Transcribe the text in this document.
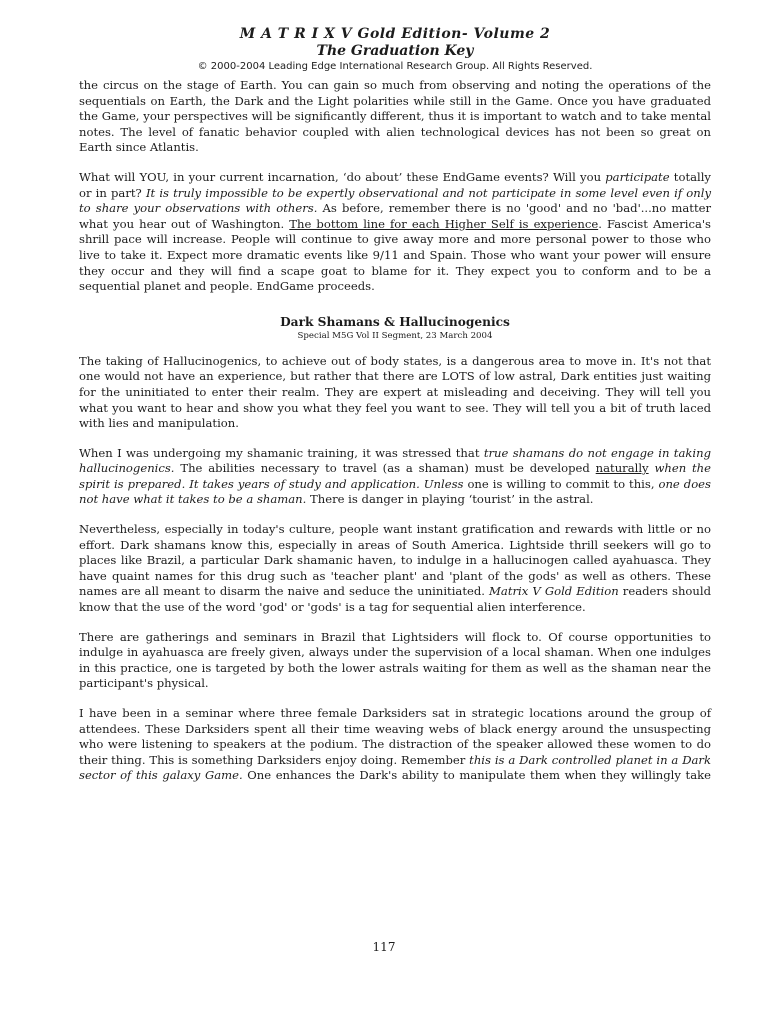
M A T R I X V Gold Edition- Volume 2
The Graduation Key
© 2000-2004 Leading Edge International Research Group. All Rights Reserved.

the circus on the stage of Earth. You can gain so much from observing and noting the operations of the sequentials on Earth, the Dark and the Light polarities while still in the Game. Once you have graduated the Game, your perspectives will be significantly different, thus it is important to watch and to take mental notes. The level of fanatic behavior coupled with alien technological devices has not been so great on Earth since Atlantis.

What will YOU, in your current incarnation, ‘do about’ these EndGame events? Will you participate totally or in part? It is truly impossible to be expertly observational and not participate in some level even if only to share your observations with others. As before, remember there is no 'good' and no 'bad'...no matter what you hear out of Washington. The bottom line for each Higher Self is experience. Fascist America's shrill pace will increase. People will continue to give away more and more personal power to those who live to take it. Expect more dramatic events like 9/11 and Spain. Those who want your power will ensure they occur and they will find a scape goat to blame for it. They expect you to conform and to be a sequential planet and people. EndGame proceeds.

Dark Shamans & Hallucinogenics
Special M5G Vol II Segment, 23 March 2004

The taking of Hallucinogenics, to achieve out of body states, is a dangerous area to move in. It's not that one would not have an experience, but rather that there are LOTS of low astral, Dark entities just waiting for the uninitiated to enter their realm. They are expert at misleading and deceiving. They will tell you what you want to hear and show you what they feel you want to see. They will tell you a bit of truth laced with lies and manipulation.

When I was undergoing my shamanic training, it was stressed that true shamans do not engage in taking hallucinogenics. The abilities necessary to travel (as a shaman) must be developed naturally when the spirit is prepared. It takes years of study and application. Unless one is willing to commit to this, one does not have what it takes to be a shaman. There is danger in playing ‘tourist’ in the astral.

Nevertheless, especially in today's culture, people want instant gratification and rewards with little or no effort. Dark shamans know this, especially in areas of South America. Lightside thrill seekers will go to places like Brazil, a particular Dark shamanic haven, to indulge in a hallucinogen called ayahuasca. They have quaint names for this drug such as 'teacher plant' and 'plant of the gods' as well as others. These names are all meant to disarm the naive and seduce the uninitiated. Matrix V Gold Edition readers should know that the use of the word 'god' or 'gods' is a tag for sequential alien interference.

There are gatherings and seminars in Brazil that Lightsiders will flock to. Of course opportunities to indulge in ayahuasca are freely given, always under the supervision of a local shaman. When one indulges in this practice, one is targeted by both the lower astrals waiting for them as well as the shaman near the participant's physical.

I have been in a seminar where three female Darksiders sat in strategic locations around the group of attendees. These Darksiders spent all their time weaving webs of black energy around the unsuspecting who were listening to speakers at the podium. The distraction of the speaker allowed these women to do their thing. This is something Darksiders enjoy doing. Remember this is a Dark controlled planet in a Dark sector of this galaxy Game. One enhances the Dark's ability to manipulate them when they willingly take

117
